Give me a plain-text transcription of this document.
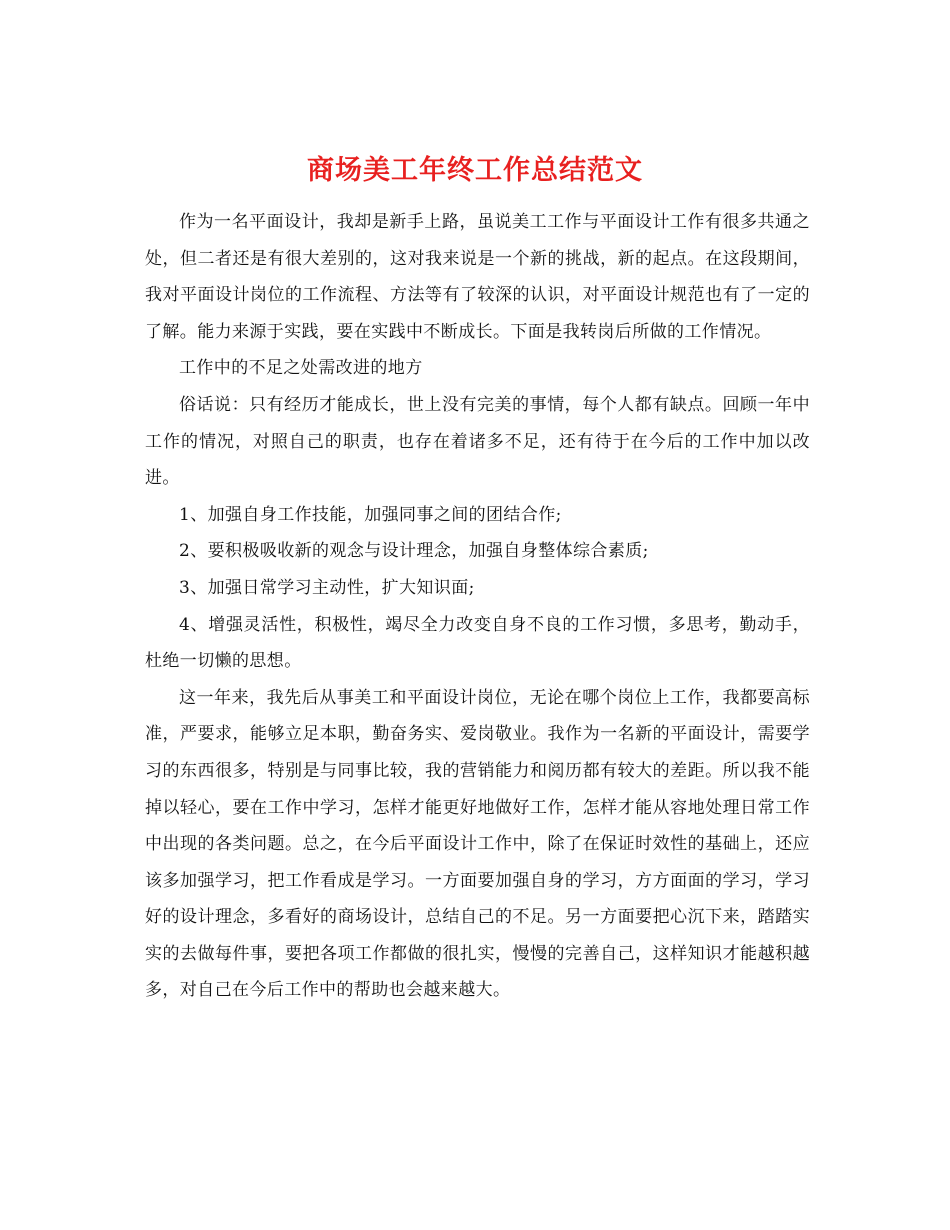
商场美工年终工作总结范文

作为一名平面设计，我却是新手上路，虽说美工工作与平面设计工作有很多共通之处，但二者还是有很大差别的，这对我来说是一个新的挑战，新的起点。在这段期间，我对平面设计岗位的工作流程、方法等有了较深的认识，对平面设计规范也有了一定的了解。能力来源于实践，要在实践中不断成长。下面是我转岗后所做的工作情况。

工作中的不足之处需改进的地方

俗话说：只有经历才能成长，世上没有完美的事情，每个人都有缺点。回顾一年中工作的情况，对照自己的职责，也存在着诸多不足，还有待于在今后的工作中加以改进。

1、加强自身工作技能，加强同事之间的团结合作;

2、要积极吸收新的观念与设计理念，加强自身整体综合素质;

3、加强日常学习主动性，扩大知识面;

4、增强灵活性，积极性，竭尽全力改变自身不良的工作习惯，多思考，勤动手，杜绝一切懒的思想。

这一年来，我先后从事美工和平面设计岗位，无论在哪个岗位上工作，我都要高标准，严要求，能够立足本职，勤奋务实、爱岗敬业。我作为一名新的平面设计，需要学习的东西很多，特别是与同事比较，我的营销能力和阅历都有较大的差距。所以我不能掉以轻心，要在工作中学习，怎样才能更好地做好工作，怎样才能从容地处理日常工作中出现的各类问题。总之，在今后平面设计工作中，除了在保证时效性的基础上，还应该多加强学习，把工作看成是学习。一方面要加强自身的学习，方方面面的学习，学习好的设计理念，多看好的商场设计，总结自己的不足。另一方面要把心沉下来，踏踏实实的去做每件事，要把各项工作都做的很扎实，慢慢的完善自己，这样知识才能越积越多，对自己在今后工作中的帮助也会越来越大。
